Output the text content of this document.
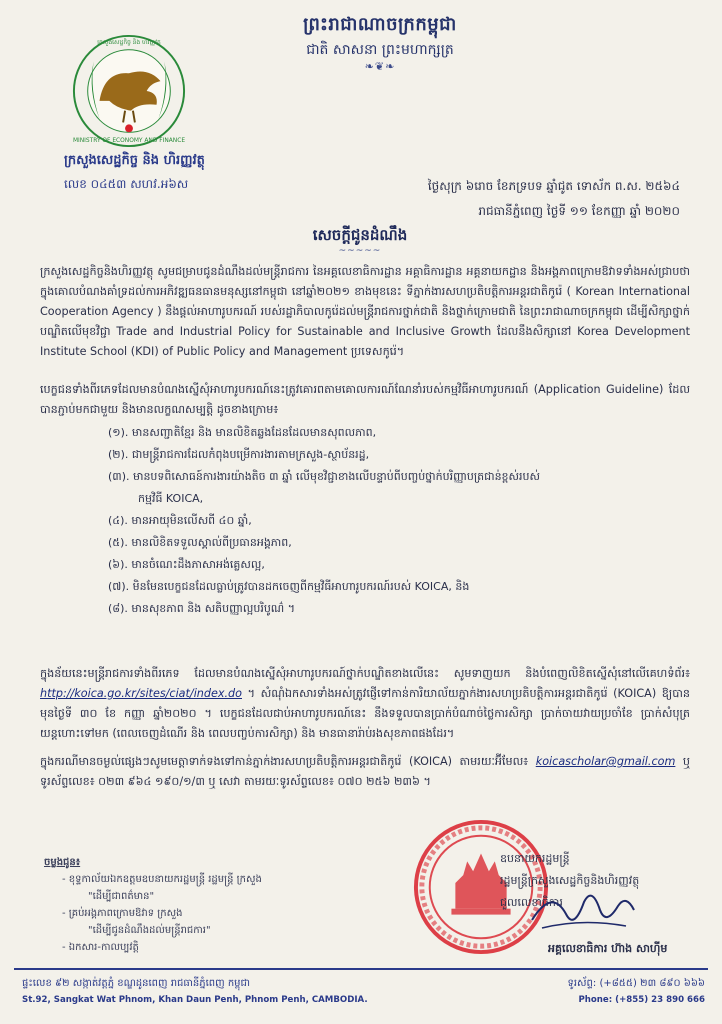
ព្រះរាជាណាចក្រកម្ពុជា
ជាតិ សាសនា ព្រះមហាក្សត្រ
❧❦❧
MINISTRY OF ECONOMY AND FINANCE
ក្រសួងសេដ្ឋកិច្ច និង ហិរញ្ញវត្ថុ
ក្រសួងសេដ្ឋកិច្ច និង ហិរញ្ញវត្ថុ
លេខ ០៤៥៣ សហវ.អ៦ស	ថ្ងៃសុក្រ ៦រោច ខែភទ្របទ ឆ្នាំជូត ទោស័ក ព.ស. ២៥៦៤
រាជធានីភ្នំពេញ ថ្ងៃទី ១១ ខែកញ្ញា ឆ្នាំ ២០២០
សេចក្ដីជូនដំណឹង
~~~~~
ក្រសួងសេដ្ឋកិច្ចនិងហិរញ្ញវត្ថុ សូមជម្រាបជូនដំណឹងដល់មន្ត្រីរាជការ នៃអគ្គលេខាធិការដ្ឋាន អគ្គាធិការដ្ឋាន អគ្គនាយកដ្ឋាន និងអង្គភាពក្រោមឱវាទទាំងអស់ជ្រាបថា ក្នុងគោលបំណងគាំទ្រដល់ការអភិវឌ្ឍធនធានមនុស្សនៅកម្ពុជា នៅឆ្នាំ២០២១ ខាងមុខនេះ ទីភ្នាក់ងារសហប្រតិបត្តិការអន្តរជាតិកូរ៉េ ( Korean International Cooperation Agency ) នឹងផ្ដល់អាហារូបករណ៍ របស់រដ្ឋាភិបាលកូរ៉េដល់មន្ត្រីរាជការថ្នាក់ជាតិ និងថ្នាក់ក្រោមជាតិ នៃព្រះរាជាណាចក្រកម្ពុជា ដើម្បីសិក្សាថ្នាក់បណ្ឌិតលើមុខវិជ្ជា Trade and Industrial Policy for Sustainable and Inclusive Growth ដែលនឹងសិក្សានៅ Korea Development Institute School (KDI) of Public Policy and Management ប្រទេសកូរ៉េ។
បេក្ខជនទាំងពីរភេទដែលមានបំណងស្នើសុំអាហារូបករណ៍នេះត្រូវគោរពតាមគោលការណ៍ណែនាំរបស់កម្មវិធីអាហារូបករណ៍ (Application Guideline) ដែលបានភ្ជាប់មកជាមួយ និងមានលក្ខណសម្បត្តិ ដូចខាងក្រោម៖
(១). មានសញ្ជាតិខ្មែរ និង មានលិខិតឆ្លងដែនដែលមានសុពលភាព,
(២). ជាមន្ត្រីរាជការដែលកំពុងបម្រើការងារតាមក្រសួង-ស្ថាប័នរដ្ឋ,
(៣). មានបទពិសោធន៍ការងារយ៉ាងតិច ៣ ឆ្នាំ លើមុខវិជ្ជាខាងលើបន្ទាប់ពីបញ្ចប់ថ្នាក់បរិញ្ញាបត្រជាន់ខ្ពស់របស់
កម្មវិធី KOICA,
(៤). មានអាយុមិនលើសពី ៤០ ឆ្នាំ,
(៥). មានលិខិតទទួលស្គាល់ពីប្រធានអង្គភាព,
(៦). មានចំណេះដឹងភាសាអង់គ្លេសល្អ,
(៧). មិនមែនបេក្ខជនដែលធ្លាប់ត្រូវបានដកចេញពីកម្មវិធីអាហារូបករណ៍របស់ KOICA, និង
(៨). មានសុខភាព និង សតិបញ្ញាល្អបរិបូណ៌ ។
ក្នុងន័យនេះមន្ត្រីរាជការទាំងពីរភេទ ដែលមានបំណងស្នើសុំអាហារូបករណ៍ថ្នាក់បណ្ឌិតខាងលើនេះ សូមទាញយក និងបំពេញលិខិតស្នើសុំនៅលើគេហទំព័រ៖ http://koica.go.kr/sites/ciat/index.do ។ សំណុំឯកសារទាំងអស់ត្រូវផ្ញើទៅកាន់ការិយាល័យភ្នាក់ងារសហប្រតិបត្តិការអន្តរជាតិកូរ៉េ (KOICA) ឱ្យបានមុនថ្ងៃទី ៣០ ខែ កញ្ញា ឆ្នាំ២០២០ ។ បេក្ខជនដែលជាប់អាហារូបករណ៍នេះ នឹងទទួលបានប្រាក់បំណាច់ថ្លៃការសិក្សា ប្រាក់ចាយវាយប្រចាំខែ ប្រាក់សំបុត្រយន្តហោះទៅមក (ពេលចេញដំណើរ និង ពេលបញ្ចប់ការសិក្សា) និង មានធានារ៉ាប់រងសុខភាពផងដែរ។
ក្នុងករណីមានចម្ងល់ផ្សេងៗសូមមេត្តាទាក់ទងទៅកាន់ភ្នាក់ងារសហប្រតិបត្តិការអន្តរជាតិកូរ៉េ (KOICA) តាមរយៈអ៊ីមែល៖ koicascholar@gmail.com ឬ ទូរស័ព្ទលេខ៖ ០២៣ ៩៦៤ ១៩០/១/៣ ឬ សេវា តាមរយៈទូរស័ព្ទលេខ៖ ០៧០ ២៥៦ ២៣៦ ។
ចម្លងជូន៖
- ខុទ្ទកាល័យឯកឧត្ដមឧបនាយករដ្ឋមន្ត្រី រដ្ឋមន្ត្រី ក្រសួង
"ដើម្បីជាពត៌មាន"
- គ្រប់អង្គភាពក្រោមឱវាទ ក្រសួង
"ដើម្បីជូនដំណឹងដល់មន្ត្រីរាជការ"
- ឯកសារ-កាលប្បវត្តិ
ឧបនាយករដ្ឋមន្ត្រី
រដ្ឋមន្ត្រីក្រសួងសេដ្ឋកិច្ចនិងហិរញ្ញវត្ថុ
ជួលលេខាធិការ
អគ្គលេខាធិការ ហ៊ាង សាហ៊ីម
ផ្ទះលេខ ៩២ សង្កាត់វត្តភ្នំ ខណ្ឌដូនពេញ រាជធានីភ្នំពេញ កម្ពុជា
St.92, Sangkat Wat Phnom, Khan Daun Penh, Phnom Penh, CAMBODIA.
ទូរស័ព្ទ: (+៨៥៥) ២៣ ៨៩០ ៦៦៦
Phone: (+855) 23 890 666
